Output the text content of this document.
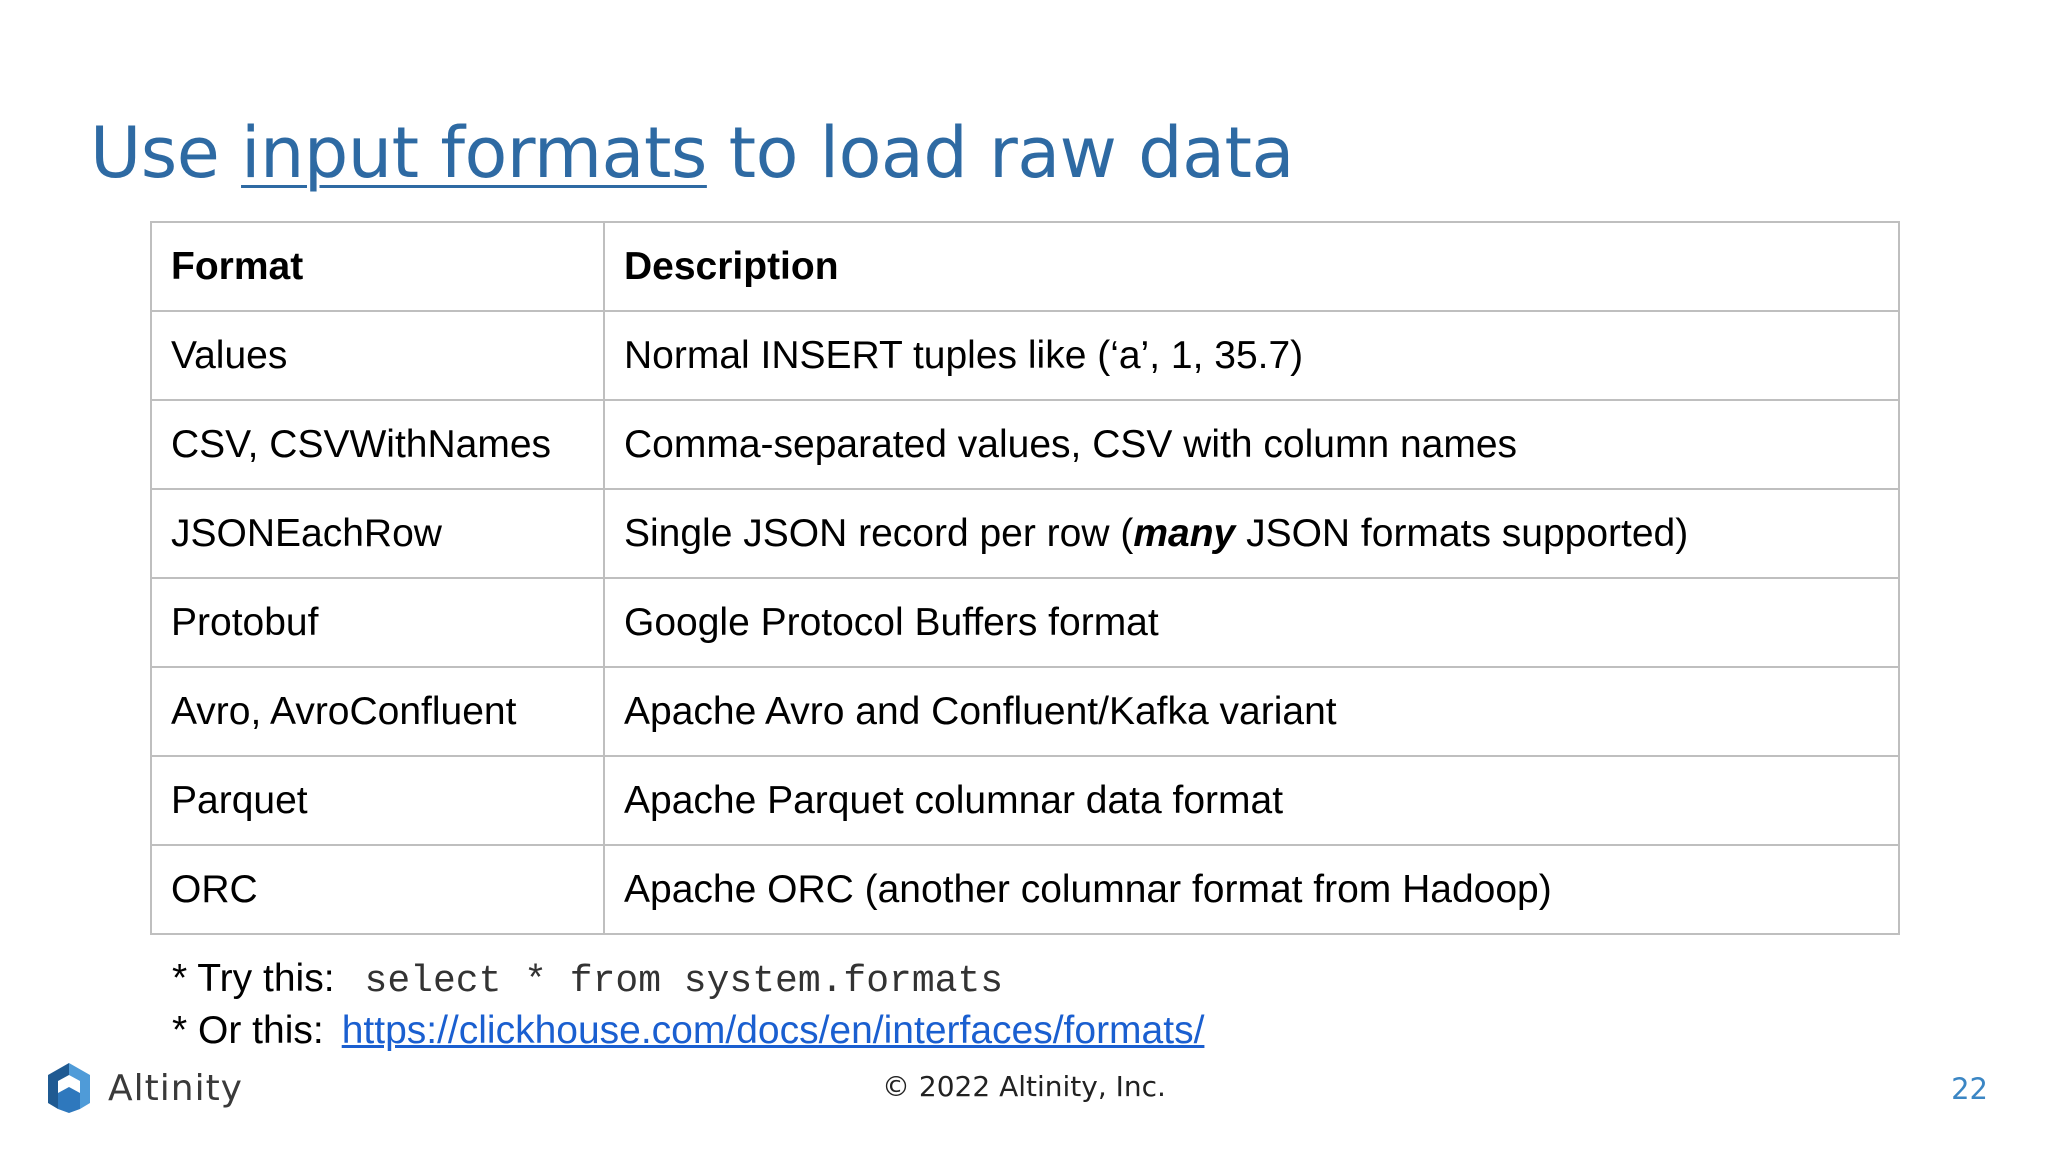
Use input formats to load raw data
Format	Description
Values	Normal INSERT tuples like (‘a’, 1, 35.7)
CSV, CSVWithNames	Comma-separated values, CSV with column names
JSONEachRow	Single JSON record per row (many JSON formats supported)
Protobuf	Google Protocol Buffers format
Avro, AvroConfluent	Apache Avro and Confluent/Kafka variant
Parquet	Apache Parquet columnar data format
ORC	Apache ORC (another columnar format from Hadoop)
* Try this: select * from system.formats
* Or this: https://clickhouse.com/docs/en/interfaces/formats/
Altinity	© 2022 Altinity, Inc.	22
